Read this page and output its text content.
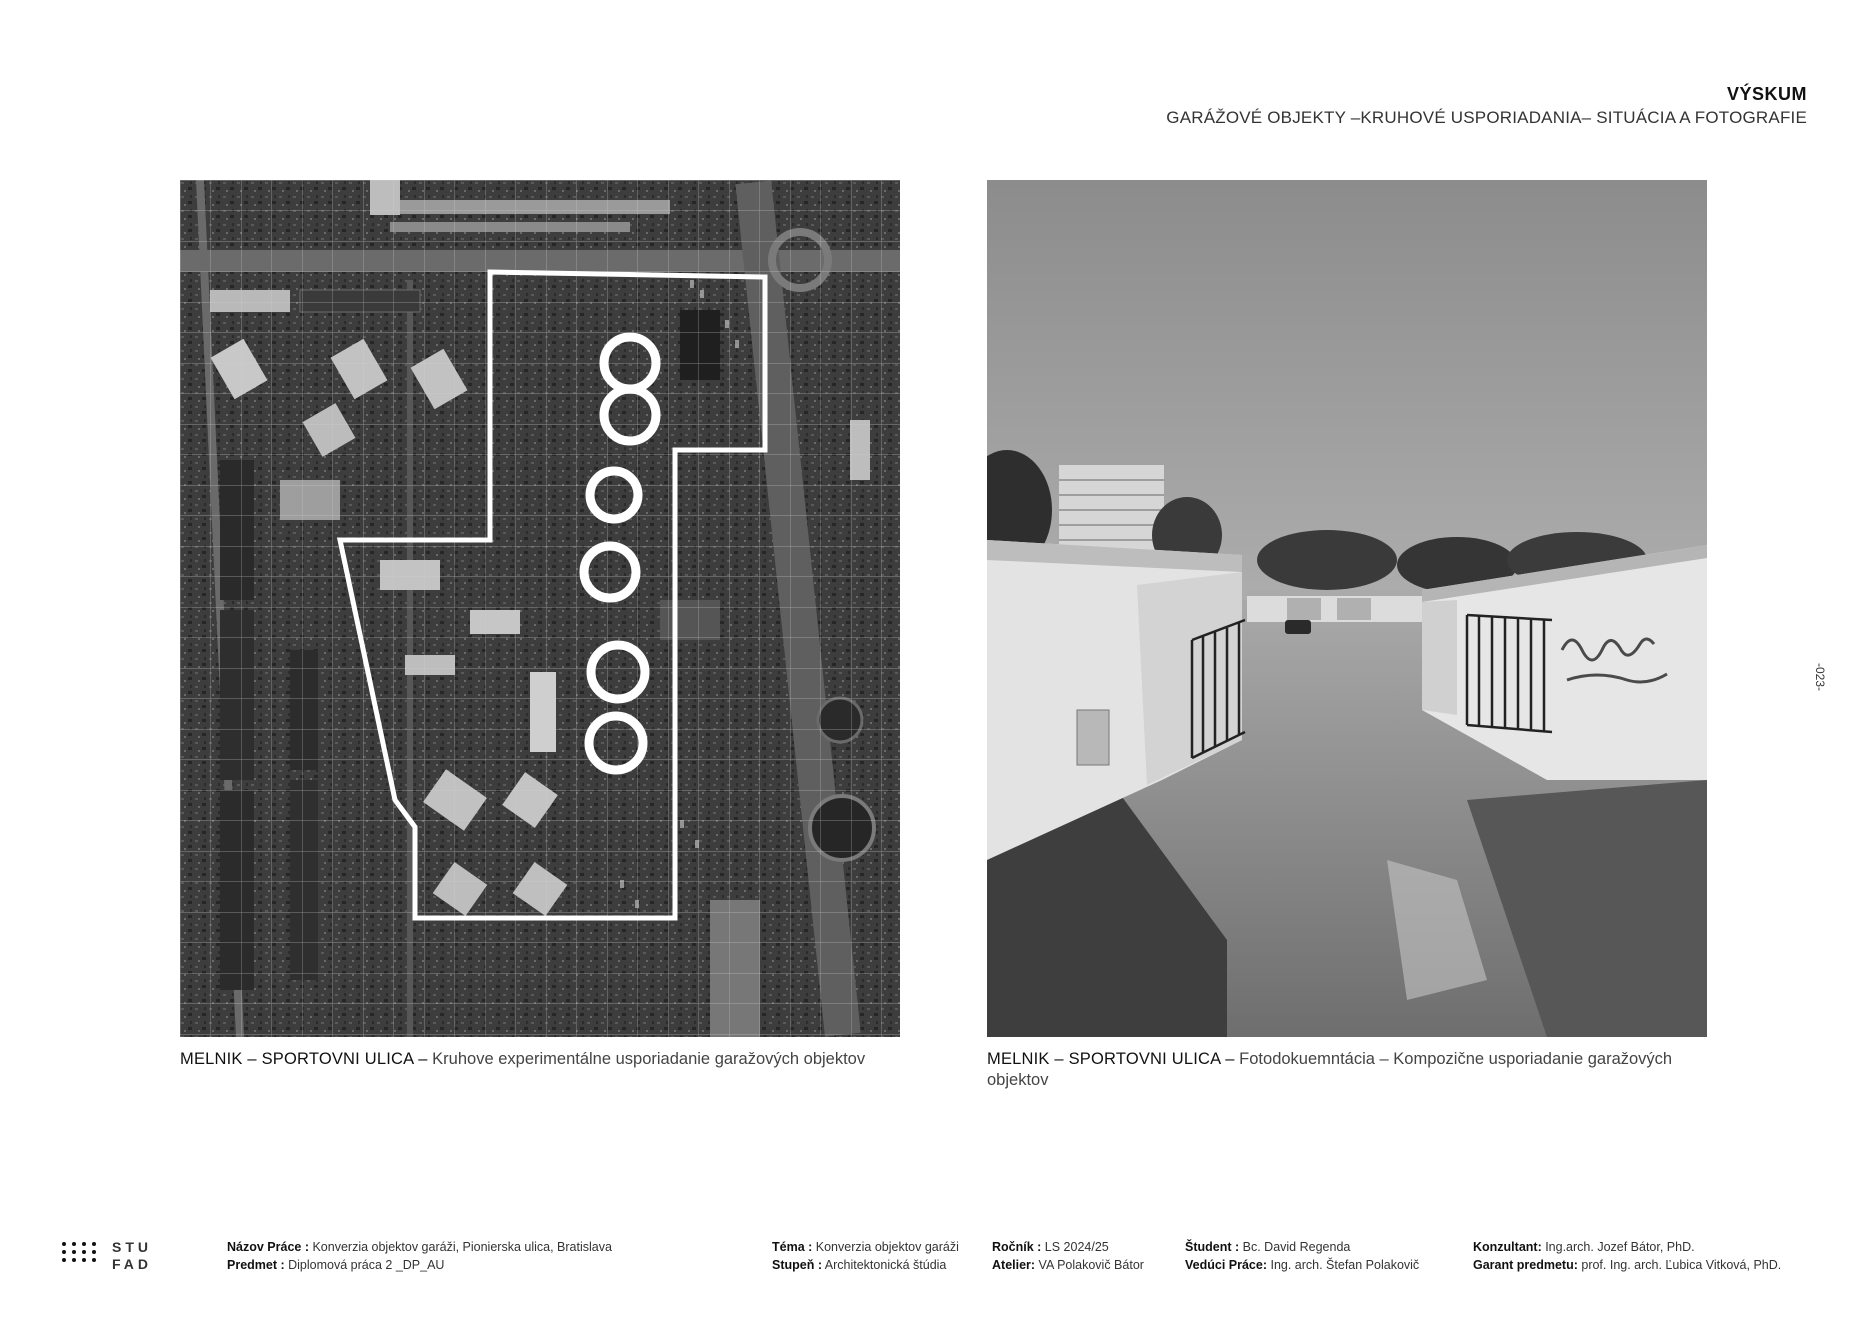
VÝSKUM
GARÁŽOVÉ OBJEKTY –KRUHOVÉ USPORIADANIA– SITUÁCIA A FOTOGRAFIE
MELNIK – SPORTOVNI ULICA – Kruhove experimentálne usporiadanie garažových objektov	MELNIK – SPORTOVNI ULICA – Fotodokuemntácia – Kompozične usporiadanie garažových objektov
-023-
STU
FAD
Názov Práce : Konverzia objektov garáži, Pionierska ulica, Bratislava
Predmet : Diplomová práca 2 _DP_AU
Téma : Konverzia objektov garáži
Stupeň : Architektonická štúdia
Ročník : LS 2024/25
Atelier: VA Polakovič Bátor
Študent : Bc. David Regenda
Vedúci Práce: Ing. arch. Štefan Polakovič
Konzultant: Ing.arch. Jozef Bátor, PhD.
Garant predmetu: prof. Ing. arch. Ľubica Vitková, PhD.
